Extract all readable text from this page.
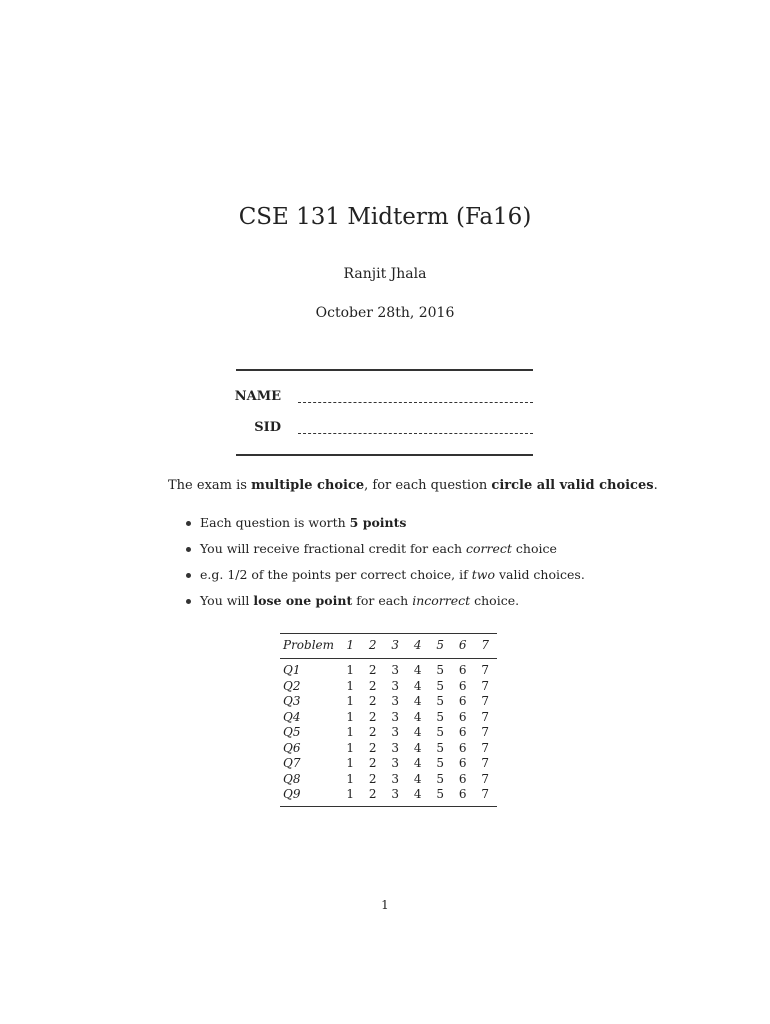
CSE 131 Midterm (Fa16)
Ranjit Jhala
October 28th, 2016
NAME
SID
The exam is multiple choice, for each question circle all valid choices.
Each question is worth 5 points
You will receive fractional credit for each correct choice
e.g. 1/2 of the points per correct choice, if two valid choices.
You will lose one point for each incorrect choice.
Problem	1	2	3	4	5	6	7
Q1	1	2	3	4	5	6	7
Q2	1	2	3	4	5	6	7
Q3	1	2	3	4	5	6	7
Q4	1	2	3	4	5	6	7
Q5	1	2	3	4	5	6	7
Q6	1	2	3	4	5	6	7
Q7	1	2	3	4	5	6	7
Q8	1	2	3	4	5	6	7
Q9	1	2	3	4	5	6	7
1
